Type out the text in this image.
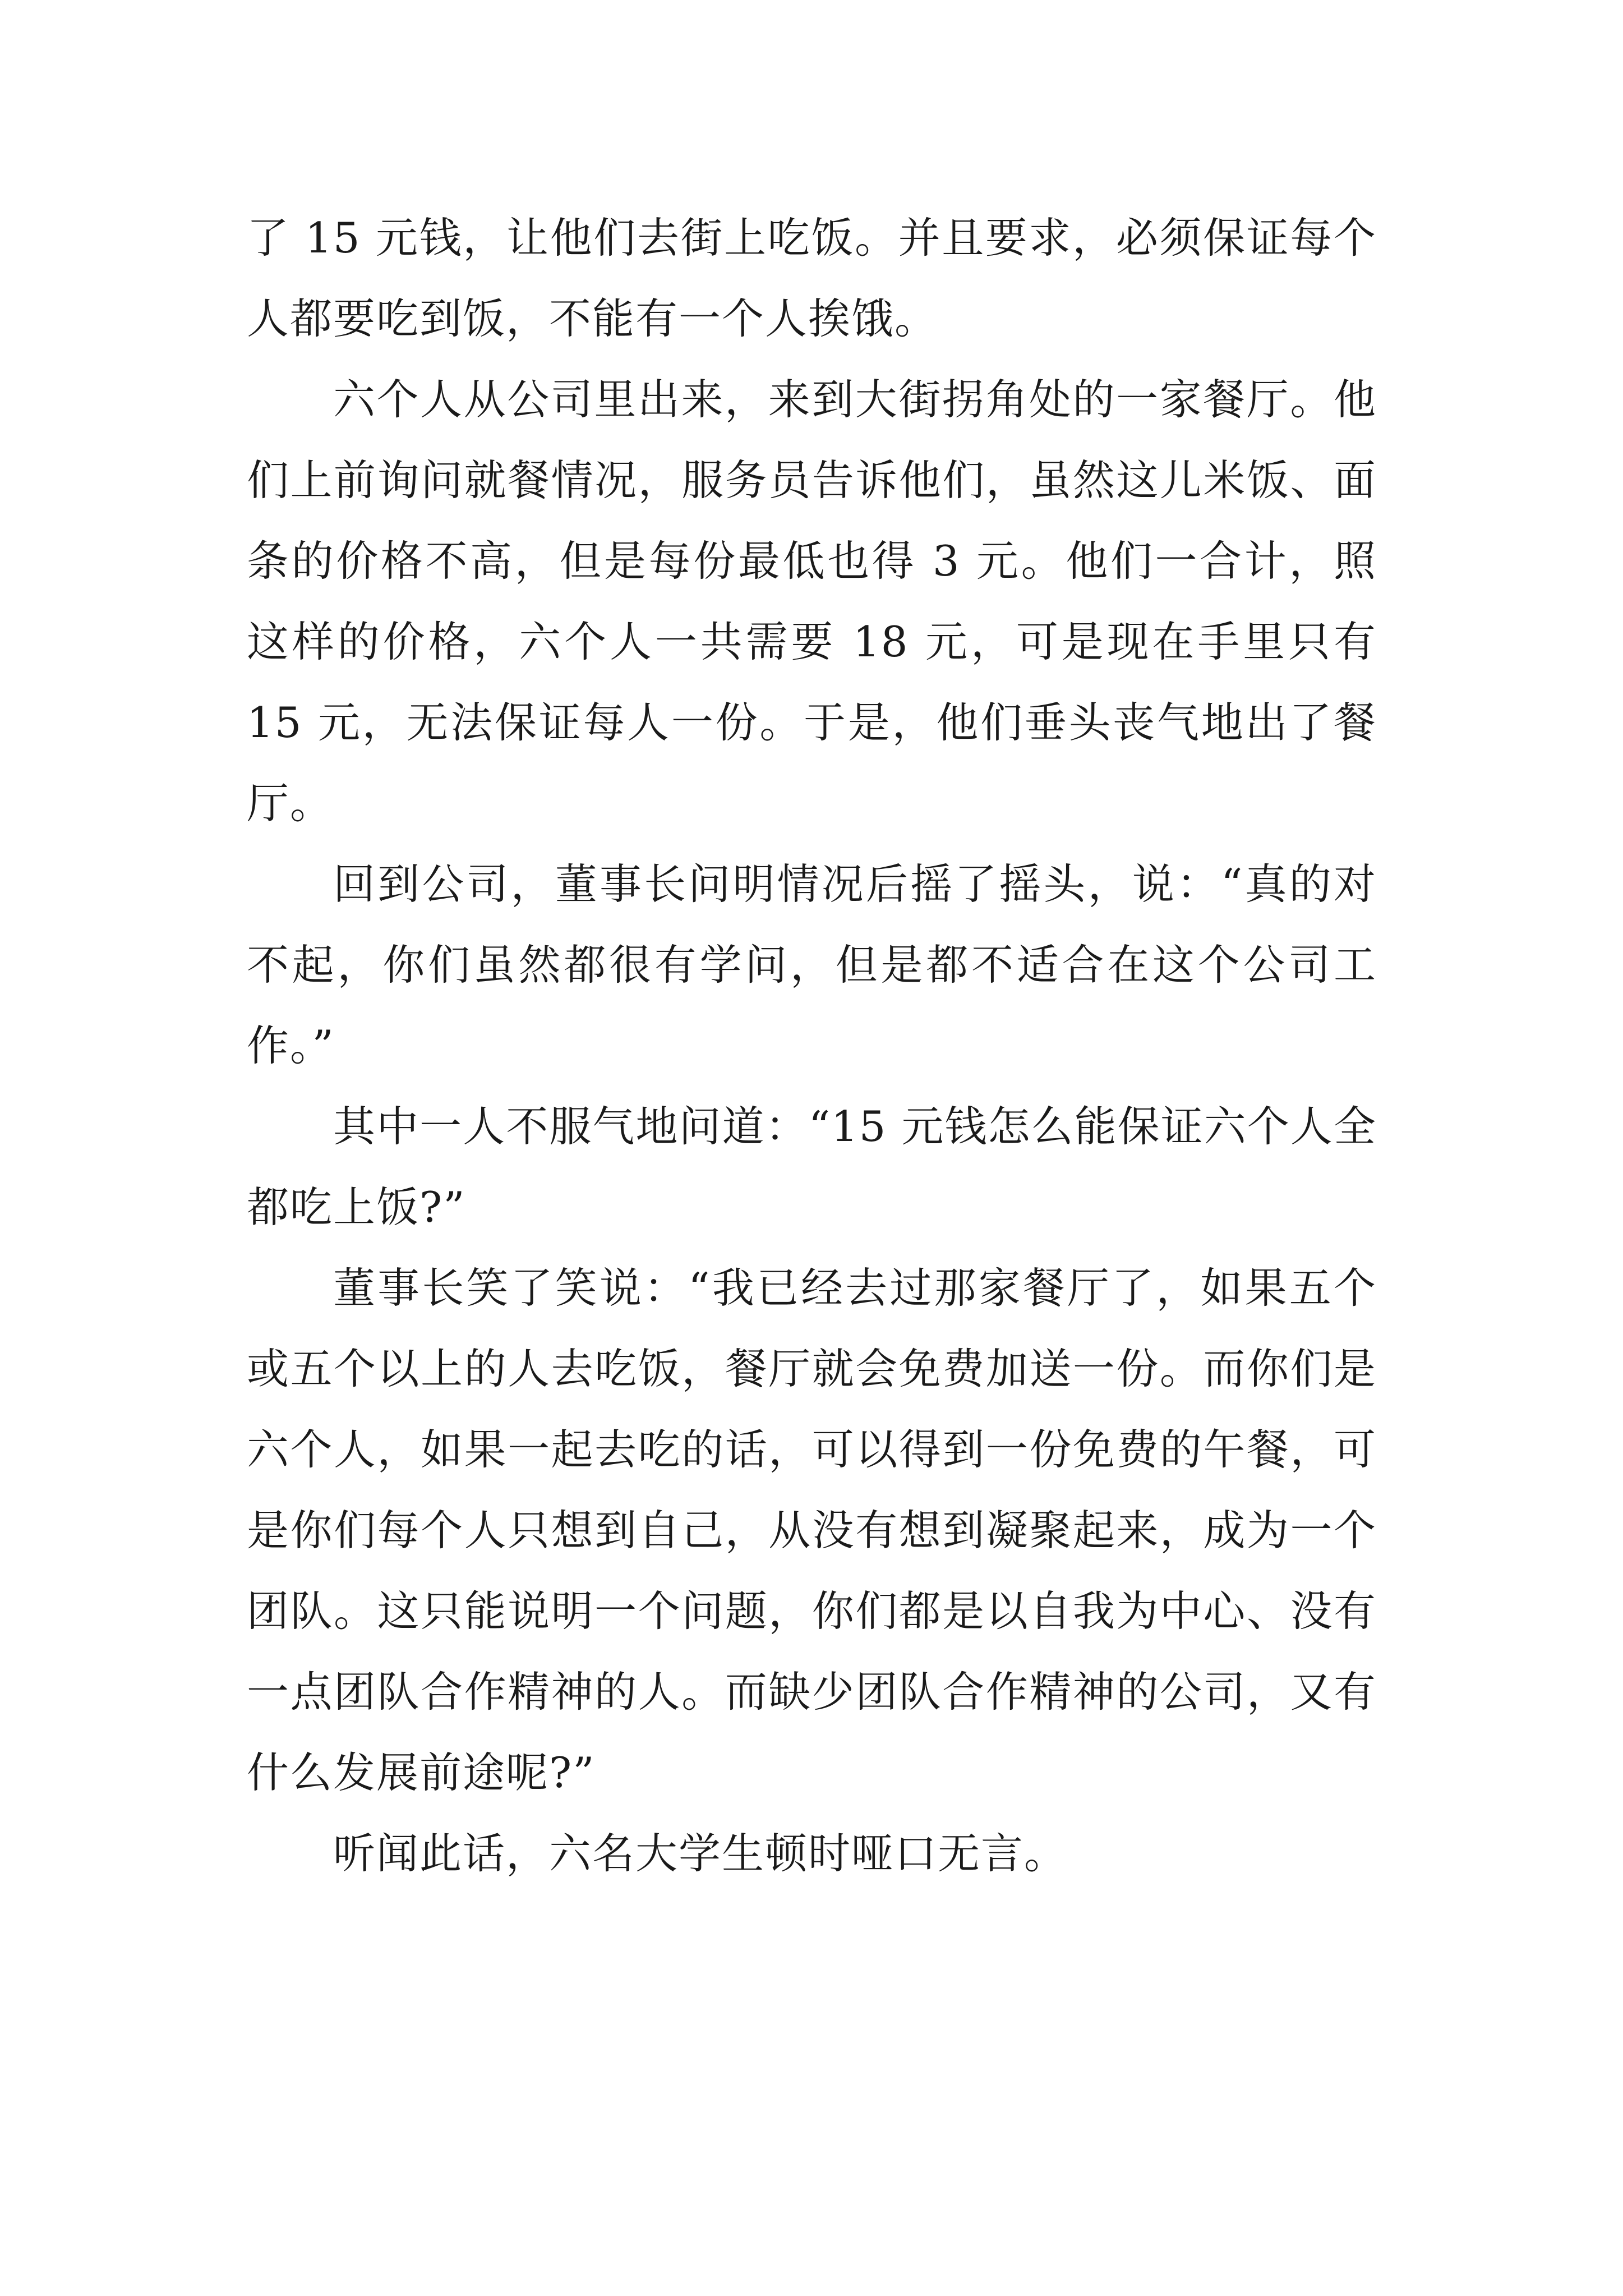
了 15 元钱，让他们去街上吃饭。并且要求，必须保证每个人都要吃到饭，不能有一个人挨饿。

六个人从公司里出来，来到大街拐角处的一家餐厅。他们上前询问就餐情况，服务员告诉他们，虽然这儿米饭、面条的价格不高，但是每份最低也得 3 元。他们一合计，照这样的价格，六个人一共需要 18 元，可是现在手里只有 15 元，无法保证每人一份。于是，他们垂头丧气地出了餐厅。

回到公司，董事长问明情况后摇了摇头，说：“真的对不起，你们虽然都很有学问，但是都不适合在这个公司工作。”

其中一人不服气地问道：“15 元钱怎么能保证六个人全都吃上饭?”

董事长笑了笑说：“我已经去过那家餐厅了，如果五个或五个以上的人去吃饭，餐厅就会免费加送一份。而你们是六个人，如果一起去吃的话，可以得到一份免费的午餐，可是你们每个人只想到自己，从没有想到凝聚起来，成为一个团队。这只能说明一个问题，你们都是以自我为中心、没有一点团队合作精神的人。而缺少团队合作精神的公司，又有什么发展前途呢?”

听闻此话，六名大学生顿时哑口无言。
